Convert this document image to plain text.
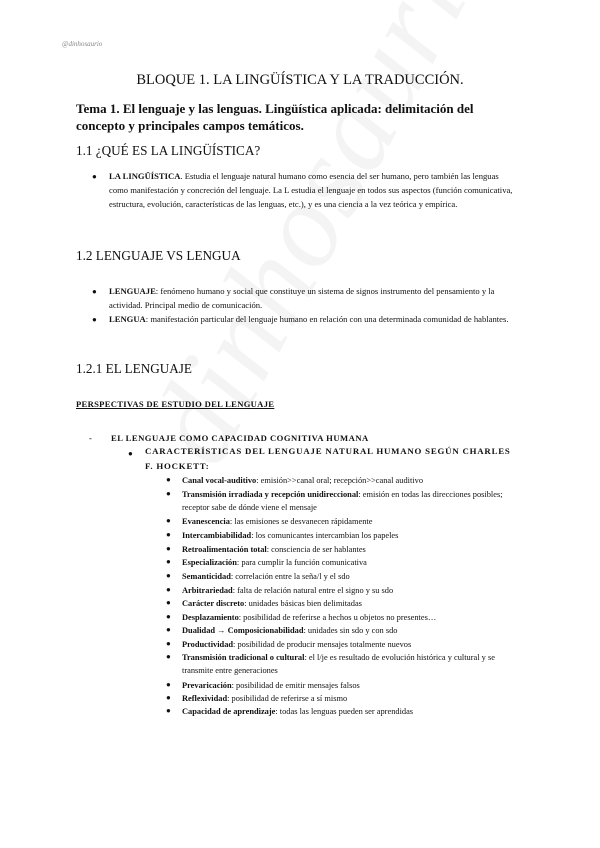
@dinhosaurio
BLOQUE 1. LA LINGÜÍSTICA Y LA TRADUCCIÓN.
Tema 1. El lenguaje y las lenguas. Lingüística aplicada: delimitación del concepto y principales campos temáticos.
1.1 ¿QUÉ ES LA LINGÜÍSTICA?
● LA LINGÜÍSTICA. Estudia el lenguaje natural humano como esencia del ser humano, pero también las lenguas como manifestación y concreción del lenguaje. La L estudia el lenguaje en todos sus aspectos (función comunicativa, estructura, evolución, características de las lenguas, etc.), y es una ciencia a la vez teórica y empírica.
1.2 LENGUAJE VS LENGUA
● LENGUAJE: fenómeno humano y social que constituye un sistema de signos instrumento del pensamiento y la actividad. Principal medio de comunicación.
● LENGUA: manifestación particular del lenguaje humano en relación con una determinada comunidad de hablantes.
1.2.1 EL LENGUAJE
PERSPECTIVAS DE ESTUDIO DEL LENGUAJE
- EL LENGUAJE COMO CAPACIDAD COGNITIVA HUMANA
● CARACTERÍSTICAS DEL LENGUAJE NATURAL HUMANO SEGÚN CHARLES F. HOCKETT:
● Canal vocal-auditivo: emisión>>canal oral; recepción>>canal auditivo
● Transmisión irradiada y recepción unidireccional: emisión en todas las direcciones posibles; receptor sabe de dónde viene el mensaje
● Evanescencia: las emisiones se desvanecen rápidamente
● Intercambiabilidad: los comunicantes intercambian los papeles
● Retroalimentación total: consciencia de ser hablantes
● Especialización: para cumplir la función comunicativa
● Semanticidad: correlación entre la seña/l y el sdo
● Arbitrariedad: falta de relación natural entre el signo y su sdo
● Carácter discreto: unidades básicas bien delimitadas
● Desplazamiento: posibilidad de referirse a hechos u objetos no presentes…
● Dualidad → Composicionabilidad: unidades sin sdo y con sdo
● Productividad: posibilidad de producir mensajes totalmente nuevos
● Transmisión tradicional o cultural: el l/je es resultado de evolución histórica y cultural y se transmite entre generaciones
● Prevaricación: posibilidad de emitir mensajes falsos
● Reflexividad: posibilidad de referirse a sí mismo
● Capacidad de aprendizaje: todas las lenguas pueden ser aprendidas
